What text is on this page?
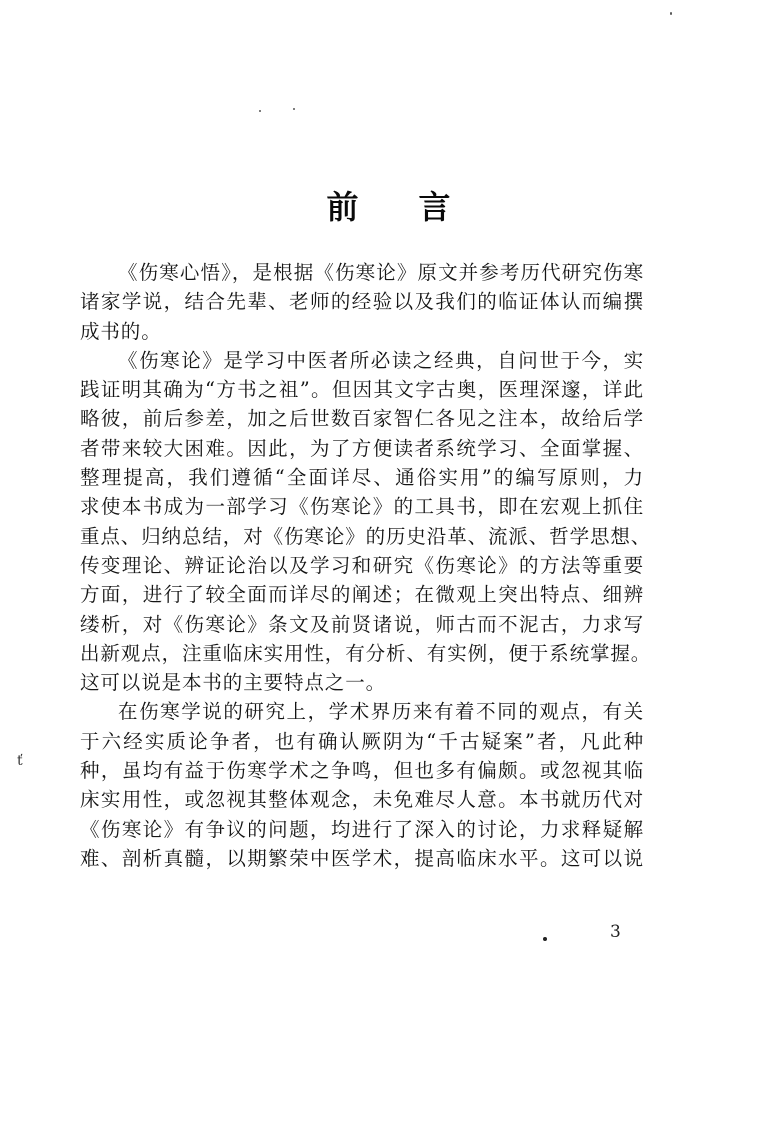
前 言
ť
《伤寒心悟》，是根据《伤寒论》原文并参考历代研究伤寒
诸家学说，结合先辈、老师的经验以及我们的临证体认而编撰
成书的。
《伤寒论》是学习中医者所必读之经典，自问世于今，实
践证明其确为“方书之祖”。但因其文字古奥，医理深邃，详此
略彼，前后参差，加之后世数百家智仁各见之注本，故给后学
者带来较大困难。因此，为了方便读者系统学习、全面掌握、
整理提高，我们遵循“全面详尽、通俗实用”的编写原则，力
求使本书成为一部学习《伤寒论》的工具书，即在宏观上抓住
重点、归纳总结，对《伤寒论》的历史沿革、流派、哲学思想、
传变理论、辨证论治以及学习和研究《伤寒论》的方法等重要
方面，进行了较全面而详尽的阐述；在微观上突出特点、细辨
缕析，对《伤寒论》条文及前贤诸说，师古而不泥古，力求写
出新观点，注重临床实用性，有分析、有实例，便于系统掌握。
这可以说是本书的主要特点之一。
在伤寒学说的研究上，学术界历来有着不同的观点，有关
于六经实质论争者，也有确认厥阴为“千古疑案”者，凡此种
种，虽均有益于伤寒学术之争鸣，但也多有偏颇。或忽视其临
床实用性，或忽视其整体观念，未免难尽人意。本书就历代对
《伤寒论》有争议的问题，均进行了深入的讨论，力求释疑解
难、剖析真髓，以期繁荣中医学术，提高临床水平。这可以说
3
